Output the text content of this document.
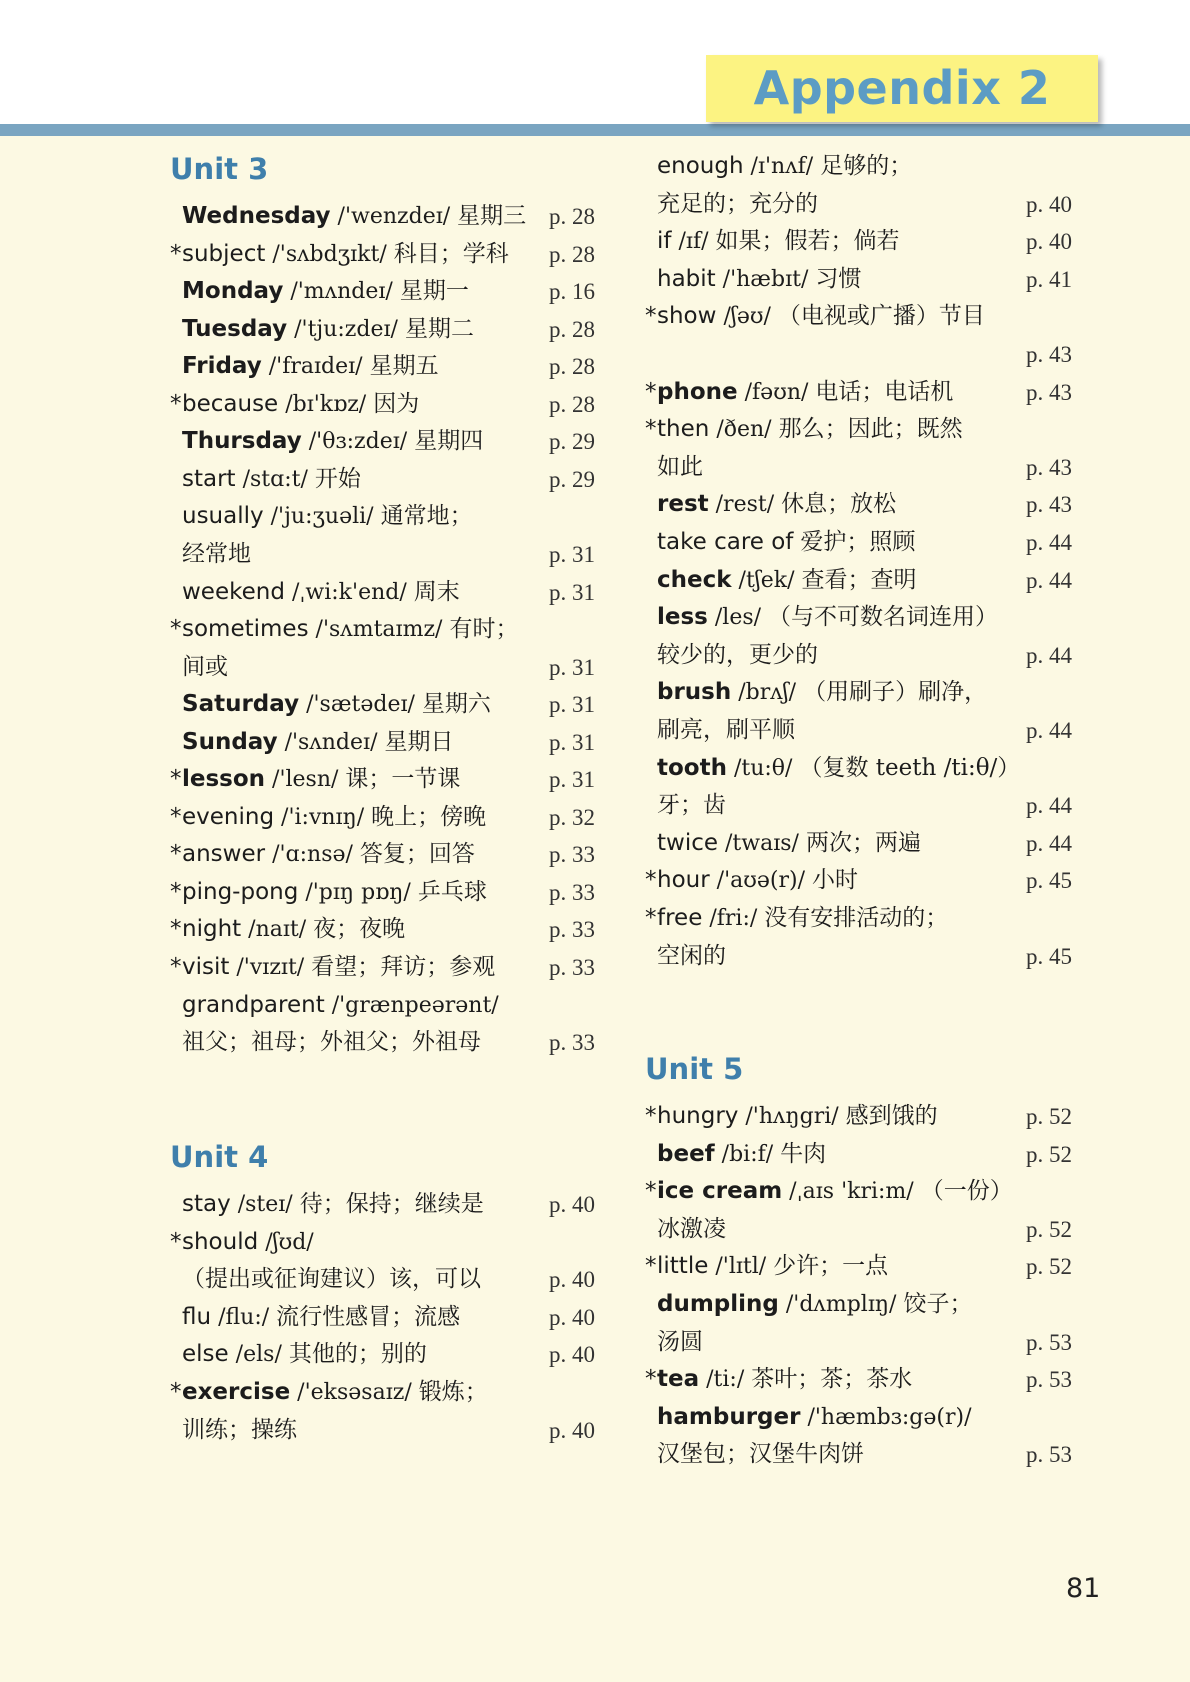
Appendix 2
Unit 3
Unit 4
Unit 5
Wednesday /'wenzdeɪ/ 星期三 p. 28
*subject /'sʌbdʒɪkt/ 科目；学科 p. 28
Monday /'mʌndeɪ/ 星期一	p. 16
Tuesday /'tju:zdeɪ/ 星期二	p. 28
Friday /'fraɪdeɪ/ 星期五	p. 28
*because /bɪ'kɒz/ 因为	p. 28
Thursday /'θɜ:zdeɪ/ 星期四	p. 29
start /stɑ:t/ 开始	p. 29
usually /'ju:ʒuəli/ 通常地；
经常地	p. 31
weekend /ˌwi:k'end/ 周末	p. 31
*sometimes /'sʌmtaɪmz/ 有时；
间或	p. 31
Saturday /'sætədeɪ/ 星期六	p. 31
Sunday /'sʌndeɪ/ 星期日	p. 31
*lesson /'lesn/ 课；一节课	p. 31
*evening /'i:vnɪŋ/ 晚上；傍晚	p. 32
*answer /'ɑ:nsə/ 答复；回答	p. 33
*ping-pong /'pɪŋ pɒŋ/ 乒乓球	p. 33
*night /naɪt/ 夜；夜晚	p. 33
*visit /'vɪzɪt/ 看望；拜访；参观 p. 33
grandparent /'grænpeərənt/
祖父；祖母；外祖父；外祖母	p. 33
stay /steɪ/ 待；保持；继续是	p. 40
*should /ʃʊd/
（提出或征询建议）该，可以	p. 40
flu /flu:/ 流行性感冒；流感	p. 40
else /els/ 其他的；别的	p. 40
*exercise /'eksəsaɪz/ 锻炼；
训练；操练	p. 40
enough /ɪ'nʌf/ 足够的；
充足的；充分的	p. 40
if /ɪf/ 如果；假若；倘若	p. 40
habit /'hæbɪt/ 习惯	p. 41
*show /ʃəʊ/ （电视或广播）节目
p. 43
*phone /fəʊn/ 电话；电话机	p. 43
*then /ðen/ 那么；因此；既然
如此	p. 43
rest /rest/ 休息；放松	p. 43
take care of 爱护；照顾	p. 44
check /tʃek/ 查看；查明	p. 44
less /les/ （与不可数名词连用）
较少的，更少的	p. 44
brush /brʌʃ/ （用刷子）刷净，
刷亮，刷平顺	p. 44
tooth /tu:θ/ （复数 teeth /ti:θ/）
牙；齿	p. 44
twice /twaɪs/ 两次；两遍	p. 44
*hour /'aʊə(r)/ 小时	p. 45
*free /fri:/ 没有安排活动的；
空闲的	p. 45
*hungry /'hʌŋgri/ 感到饿的	p. 52
beef /bi:f/ 牛肉	p. 52
*ice cream /ˌaɪs 'kri:m/ （一份）
冰激凌	p. 52
*little /'lɪtl/ 少许；一点	p. 52
dumpling /'dʌmplɪŋ/ 饺子；
汤圆	p. 53
*tea /ti:/ 茶叶；茶；茶水	p. 53
hamburger /'hæmbɜ:gə(r)/
汉堡包；汉堡牛肉饼	p. 53
81
